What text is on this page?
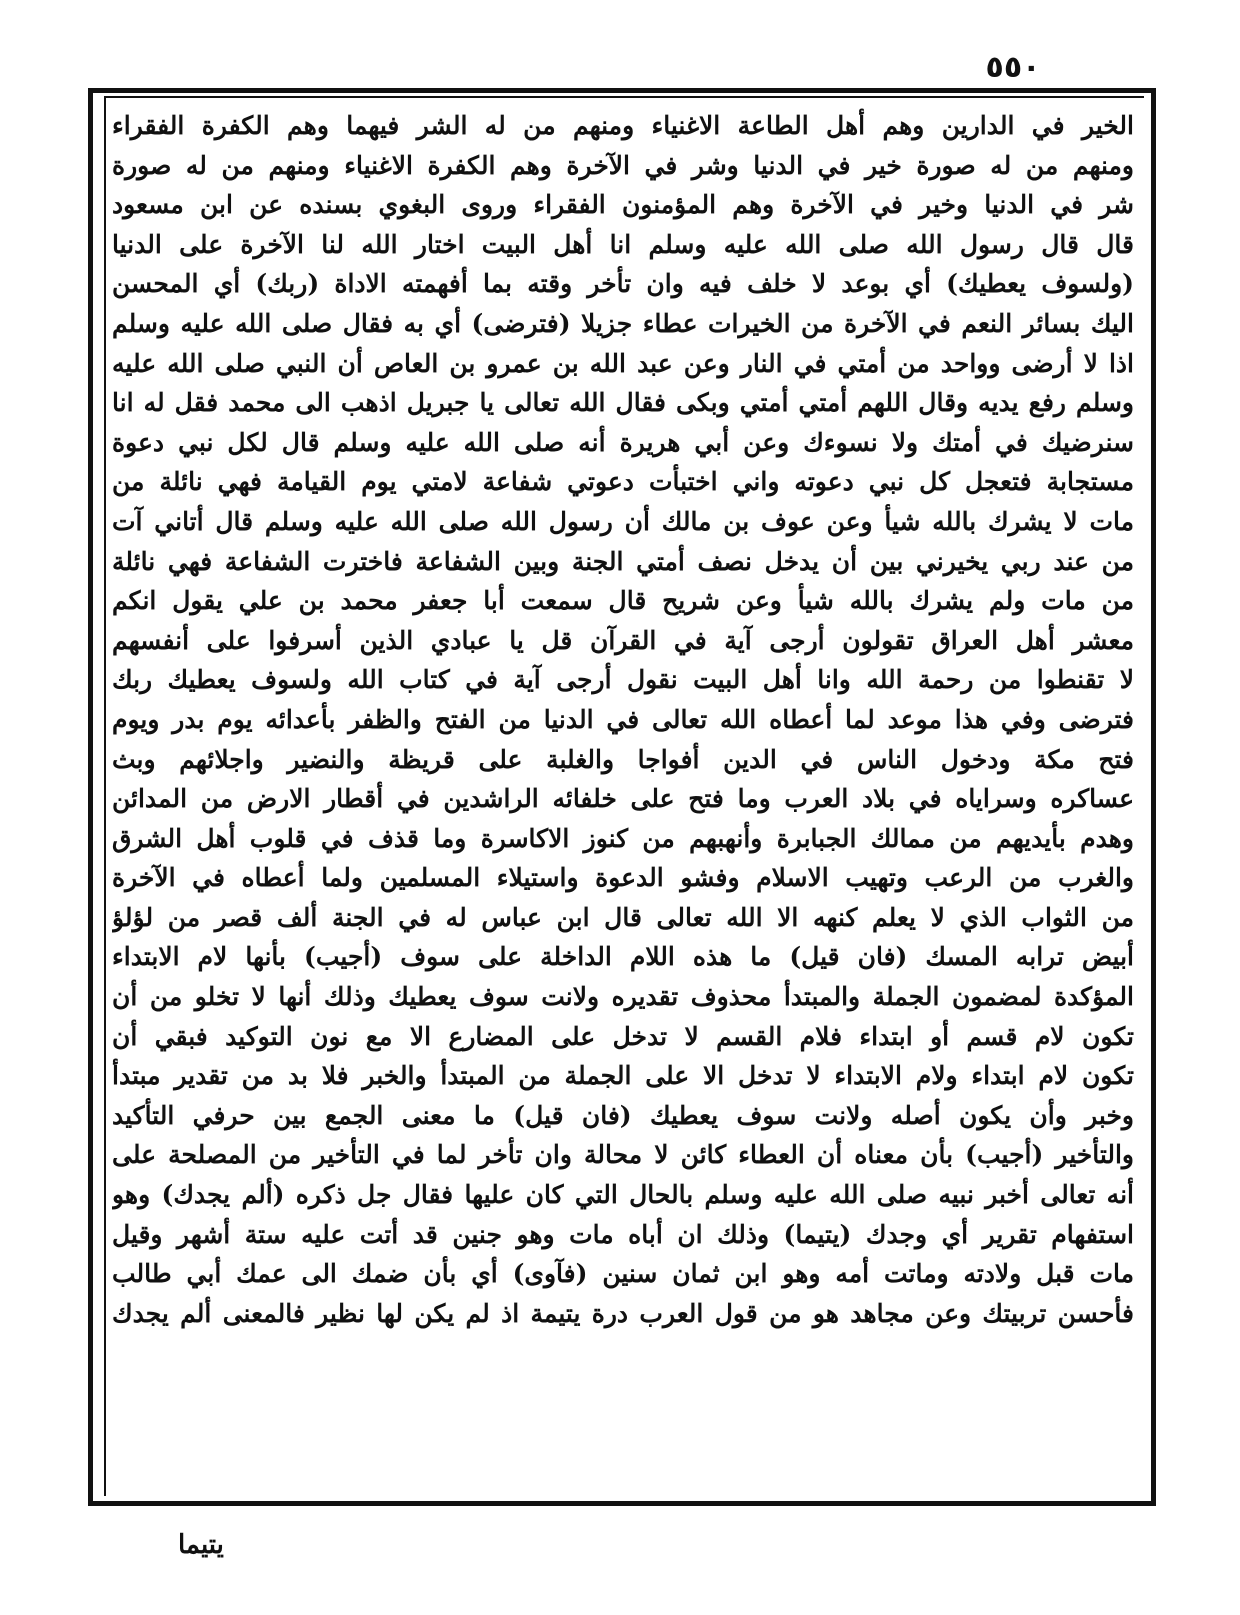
٥٥٠
الخير في الدارين وهم أهل الطاعة الاغنياء ومنهم من له الشر فيهما وهم الكفرة الفقراء
ومنهم من له صورة خير في الدنيا وشر في الآخرة وهم الكفرة الاغنياء ومنهم من له صورة
شر في الدنيا وخير في الآخرة وهم المؤمنون الفقراء وروى البغوي بسنده عن ابن مسعود
قال قال رسول الله صلى الله عليه وسلم انا أهل البيت اختار الله لنا الآخرة على الدنيا
(ولسوف يعطيك) أي بوعد لا خلف فيه وان تأخر وقته بما أفهمته الاداة (ربك) أي المحسن
اليك بسائر النعم في الآخرة من الخيرات عطاء جزيلا (فترضى) أي به فقال صلى الله عليه وسلم
اذا لا أرضى وواحد من أمتي في النار وعن عبد الله بن عمرو بن العاص أن النبي صلى الله عليه
وسلم رفع يديه وقال اللهم أمتي أمتي وبكى فقال الله تعالى يا جبريل اذهب الى محمد فقل له انا
سنرضيك في أمتك ولا نسوءك وعن أبي هريرة أنه صلى الله عليه وسلم قال لكل نبي دعوة
مستجابة فتعجل كل نبي دعوته واني اختبأت دعوتي شفاعة لامتي يوم القيامة فهي نائلة من
مات لا يشرك بالله شيأ وعن عوف بن مالك أن رسول الله صلى الله عليه وسلم قال أتاني آت
من عند ربي يخيرني بين أن يدخل نصف أمتي الجنة وبين الشفاعة فاخترت الشفاعة فهي نائلة
من مات ولم يشرك بالله شيأ وعن شريح قال سمعت أبا جعفر محمد بن علي يقول انكم
معشر أهل العراق تقولون أرجى آية في القرآن قل يا عبادي الذين أسرفوا على أنفسهم
لا تقنطوا من رحمة الله وانا أهل البيت نقول أرجى آية في كتاب الله ولسوف يعطيك ربك
فترضى وفي هذا موعد لما أعطاه الله تعالى في الدنيا من الفتح والظفر بأعدائه يوم بدر ويوم
فتح مكة ودخول الناس في الدين أفواجا والغلبة على قريظة والنضير واجلائهم وبث
عساكره وسراياه في بلاد العرب وما فتح على خلفائه الراشدين في أقطار الارض من المدائن
وهدم بأيديهم من ممالك الجبابرة وأنهبهم من كنوز الاكاسرة وما قذف في قلوب أهل الشرق
والغرب من الرعب وتهيب الاسلام وفشو الدعوة واستيلاء المسلمين ولما أعطاه في الآخرة
من الثواب الذي لا يعلم كنهه الا الله تعالى قال ابن عباس له في الجنة ألف قصر من لؤلؤ
أبيض ترابه المسك (فان قيل) ما هذه اللام الداخلة على سوف (أجيب) بأنها لام الابتداء
المؤكدة لمضمون الجملة والمبتدأ محذوف تقديره ولانت سوف يعطيك وذلك أنها لا تخلو من أن
تكون لام قسم أو ابتداء فلام القسم لا تدخل على المضارع الا مع نون التوكيد فبقي أن
تكون لام ابتداء ولام الابتداء لا تدخل الا على الجملة من المبتدأ والخبر فلا بد من تقدير مبتدأ
وخبر وأن يكون أصله ولانت سوف يعطيك (فان قيل) ما معنى الجمع بين حرفي التأكيد
والتأخير (أجيب) بأن معناه أن العطاء كائن لا محالة وان تأخر لما في التأخير من المصلحة على
أنه تعالى أخبر نبيه صلى الله عليه وسلم بالحال التي كان عليها فقال جل ذكره (ألم يجدك) وهو
استفهام تقرير أي وجدك (يتيما) وذلك ان أباه مات وهو جنين قد أتت عليه ستة أشهر وقيل
مات قبل ولادته وماتت أمه وهو ابن ثمان سنين (فآوى) أي بأن ضمك الى عمك أبي طالب
فأحسن تربيتك وعن مجاهد هو من قول العرب درة يتيمة اذ لم يكن لها نظير فالمعنى ألم يجدك
يتيما
